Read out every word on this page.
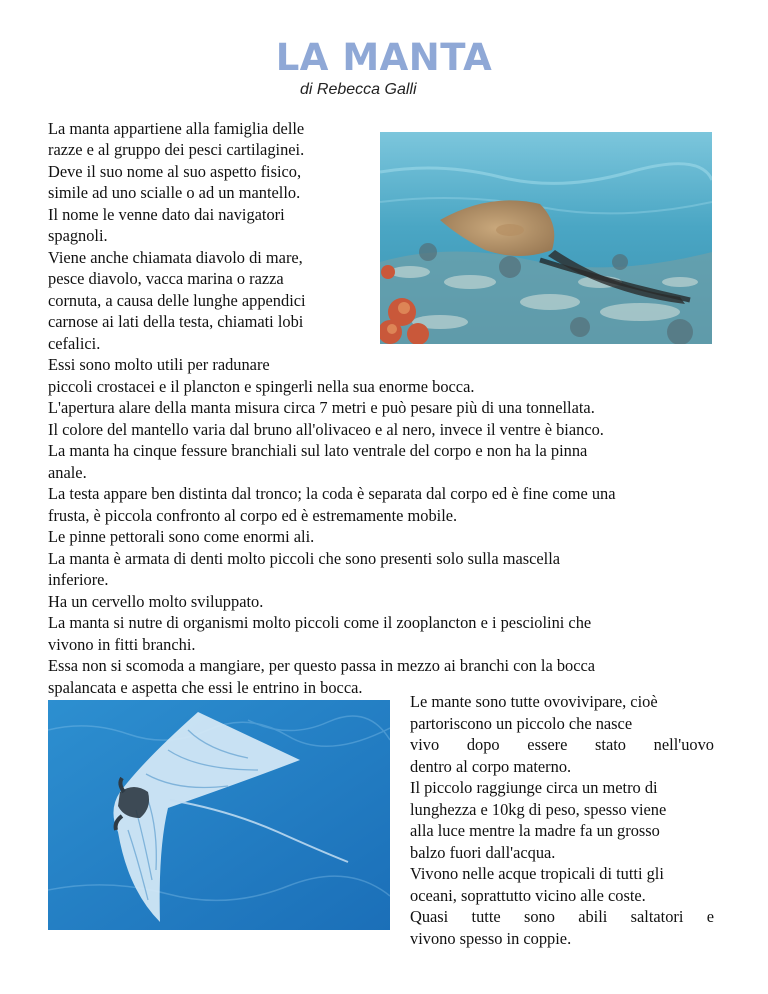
LA MANTA
di Rebecca Galli
La manta appartiene alla famiglia delle
razze e al gruppo dei pesci cartilaginei.
Deve il suo nome al suo aspetto fisico,
simile ad uno scialle o ad un mantello.
Il nome le venne dato dai navigatori
spagnoli.
Viene anche chiamata diavolo di mare,
pesce diavolo, vacca marina o razza
cornuta, a causa delle lunghe appendici
carnose ai lati della testa, chiamati lobi
cefalici.
Essi sono molto utili per radunare
piccoli crostacei e il plancton e spingerli nella sua enorme bocca.
L'apertura alare della manta misura circa 7 metri e può pesare più di una tonnellata.
Il colore del mantello varia dal bruno all'olivaceo e al nero, invece il ventre è bianco.
La manta ha cinque fessure branchiali sul lato ventrale del corpo e non ha la pinna
anale.
La testa appare ben distinta dal tronco; la coda è separata dal corpo ed è fine come una
frusta, è piccola confronto al corpo ed è estremamente mobile.
Le pinne pettorali sono come enormi ali.
La manta è armata di denti molto piccoli che sono presenti solo sulla mascella
inferiore.
Ha un cervello molto sviluppato.
La manta si nutre di organismi molto piccoli come il zooplancton e i pesciolini che
vivono in fitti branchi.
Essa non si scomoda a mangiare, per questo passa in mezzo ai branchi con la bocca
spalancata e aspetta che essi le entrino in bocca.
Le mante sono tutte ovovivipare, cioè
partoriscono un piccolo che nasce
vivo dopo essere stato nell'uovo
dentro al corpo materno.
Il piccolo raggiunge circa un metro di
lunghezza e 10kg di peso, spesso viene
alla luce mentre la madre fa un grosso
balzo fuori dall'acqua.
Vivono nelle acque tropicali di tutti gli
oceani, soprattutto vicino alle coste.
Quasi tutte sono abili saltatori e
vivono spesso in coppie.
